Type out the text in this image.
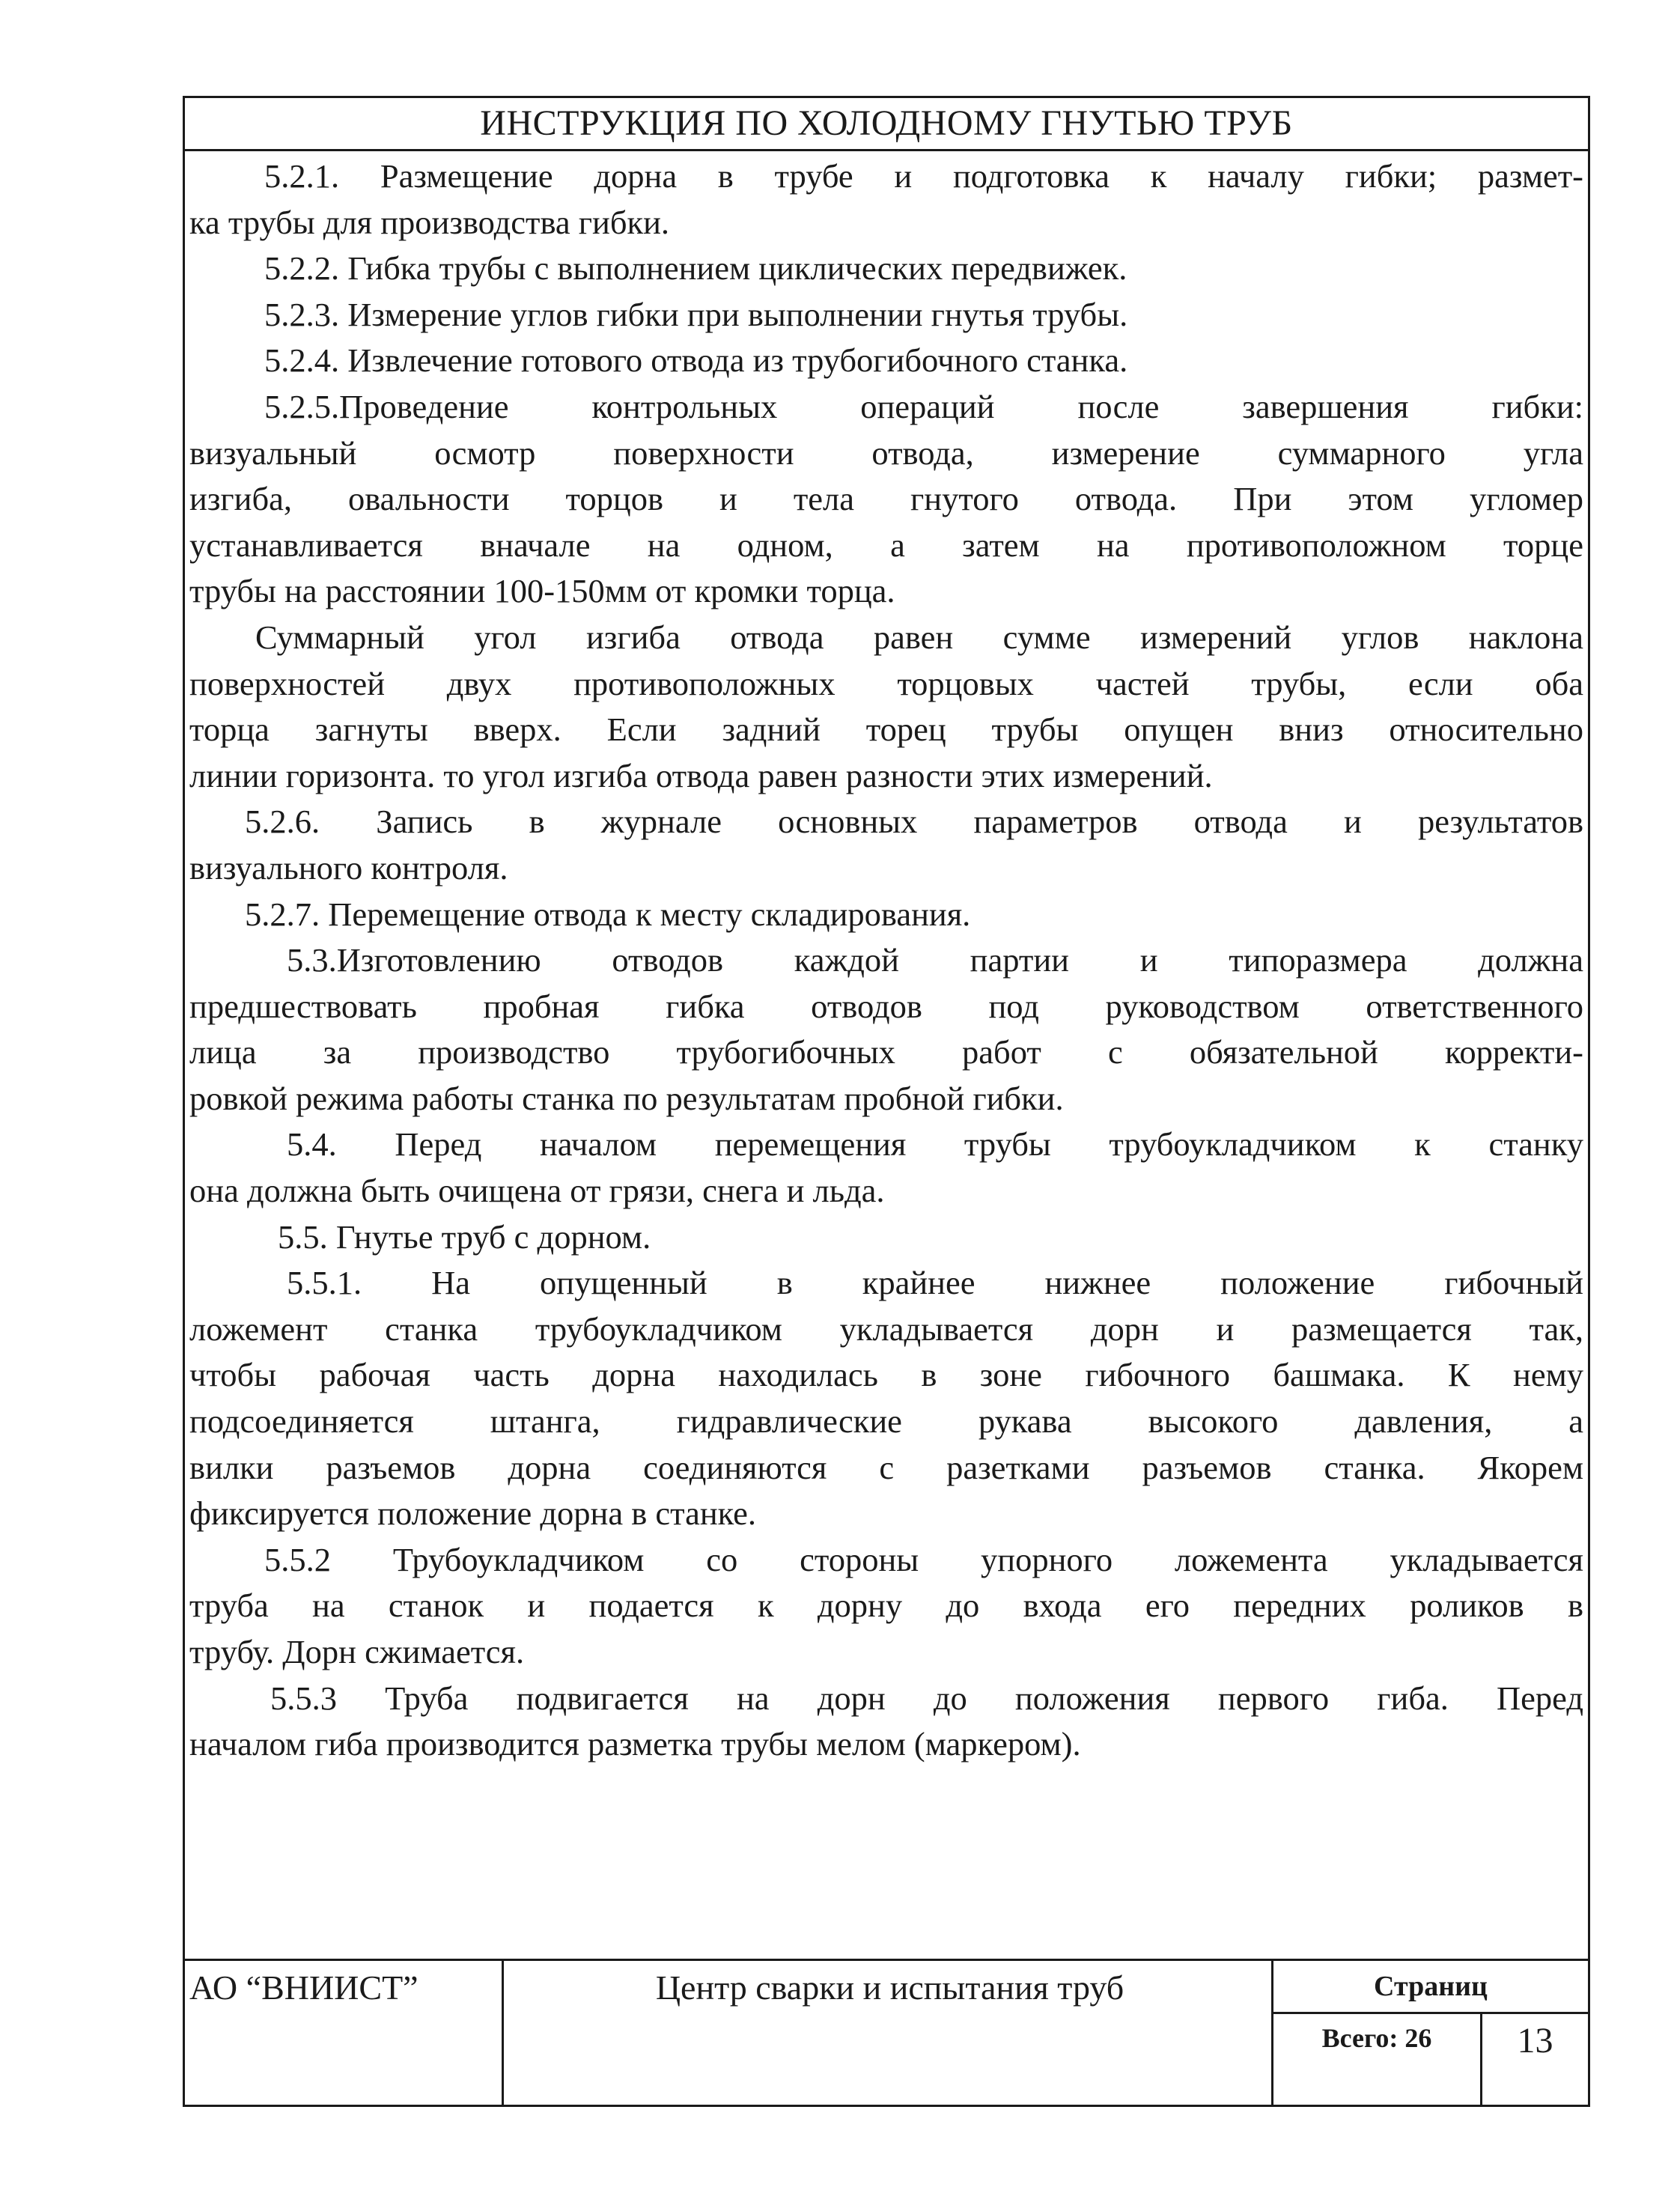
ИНСТРУКЦИЯ ПО ХОЛОДНОМУ ГНУТЬЮ ТРУБ

5.2.1. Размещение дорна в трубе и подготовка к началу гибки; размет-

ка трубы для производства гибки.

5.2.2. Гибка трубы с выполнением циклических передвижек.

5.2.3. Измерение углов гибки при выполнении гнутья трубы.

5.2.4. Извлечение готового отвода из трубогибочного станка.

5.2.5.Проведение контрольных операций после завершения гибки:

визуальный осмотр поверхности отвода, измерение суммарного угла

изгиба, овальности торцов и тела гнутого отвода. При этом угломер

устанавливается вначале на одном, а затем на противоположном торце

трубы на расстоянии 100-150мм от кромки торца.

Суммарный угол изгиба отвода равен сумме измерений углов наклона

поверхностей двух противоположных торцовых частей трубы, если оба

торца загнуты вверх. Если задний торец трубы опущен вниз относительно

линии горизонта. то угол изгиба отвода равен разности этих измерений.

5.2.6. Запись в журнале основных параметров отвода и результатов

визуального контроля.

5.2.7. Перемещение отвода к месту складирования.

5.3.Изготовлению отводов каждой партии и типоразмера должна

предшествовать пробная гибка отводов под руководством ответственного

лица за производство трубогибочных работ с обязательной корректи-

ровкой режима работы станка по результатам пробной гибки.

5.4. Перед началом перемещения трубы трубоукладчиком к станку

она должна быть очищена от грязи, снега и льда.

5.5. Гнутье труб с дорном.

5.5.1. На опущенный в крайнее нижнее положение гибочный

ложемент станка трубоукладчиком укладывается дорн и размещается так,

чтобы рабочая часть дорна находилась в зоне гибочного башмака. К нему

подсоединяется штанга, гидравлические рукава высокого давления, а

вилки разъемов дорна соединяются с разетками разъемов станка. Якорем

фиксируется положение дорна в станке.

5.5.2 Трубоукладчиком со стороны упорного ложемента укладывается

труба на станок и подается к дорну до входа его передних роликов в

трубу. Дорн сжимается.

5.5.3 Труба подвигается на дорн до положения первого гиба. Перед

началом гиба производится разметка трубы мелом (маркером).

АО “ВНИИСТ”	Центр сварки и испытания труб	Страниц
Всего: 26	13
